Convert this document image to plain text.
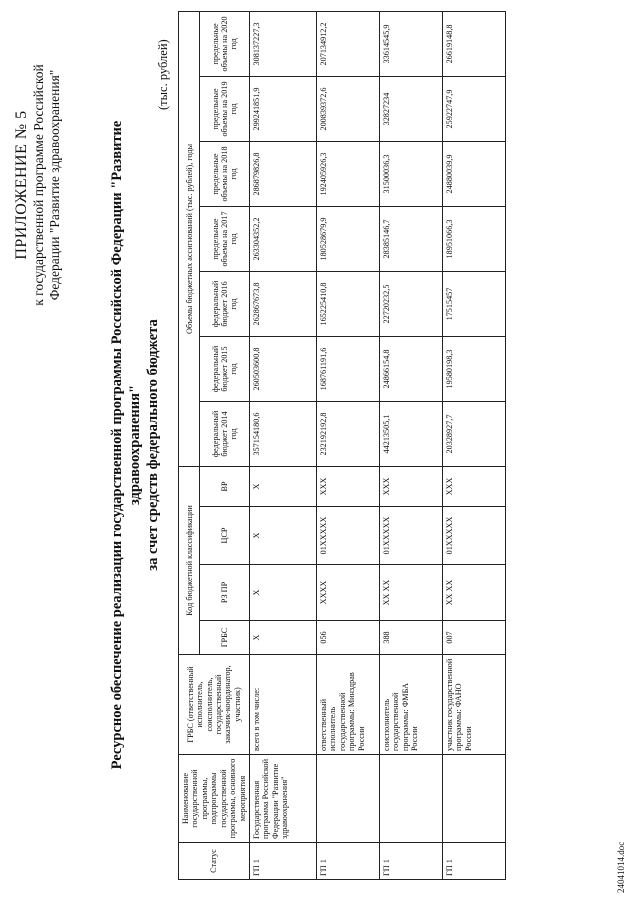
ПРИЛОЖЕНИЕ № 5 к государственной программе Российской Федерации "Развитие здравоохранения"	Ресурсное обеспечение реализации государственной программы Российской Федерации "Развитие здравоохранения" за счет средств федерального бюджета
(тыс. рублей)
Статус	Наименование государственной программы, подпрограммы государственной программы, основного мероприятия	ГРБС (ответственный исполнитель, соисполнитель, государственный заказчик-координатор, участник)	Код бюджетной классификации				Объемы бюджетных ассигнований (тыс. рублей), годы						
			ГРБС	РЗ ПР	ЦСР	ВР	федеральный бюджет 2014 год	федеральный бюджет 2015 год	федеральный бюджет 2016 год	предельные объемы на 2017 год	предельные объемы на 2018 год	предельные объемы на 2019 год	предельные объемы на 2020 год
ГП 1	Государственная программа Российской Федерации "Развитие здравоохранения"	всего в том числе:	Х	Х	Х	Х	357154180,6	260503600,8	262867673,8	263304352,2	286879826,8	299241851,9	308137227,3
ГП 1		ответственный исполнитель государственной программы: Минздрав России	056	XXXX	01XXXXX	XXX	232192192,8	168761191,6	165225410,8	180528679,9	192405926,3	200839372,6	207134912,2
ГП 1		соисполнитель государственной программы: ФМБА России	388	XX XX	01XXXXX	XXX	44213505,1	24866154,8	22720232,5	28385146,7	31500036,3	32827234	33614545,9
ГП 1		участник государственной программы: ФАНО России	007	XX XX	01XXXXX	XXX	20328927,7	19580198,3	17515457	18951066,3	24880039,9	25922747,9	26619148,8
24041014.doc
